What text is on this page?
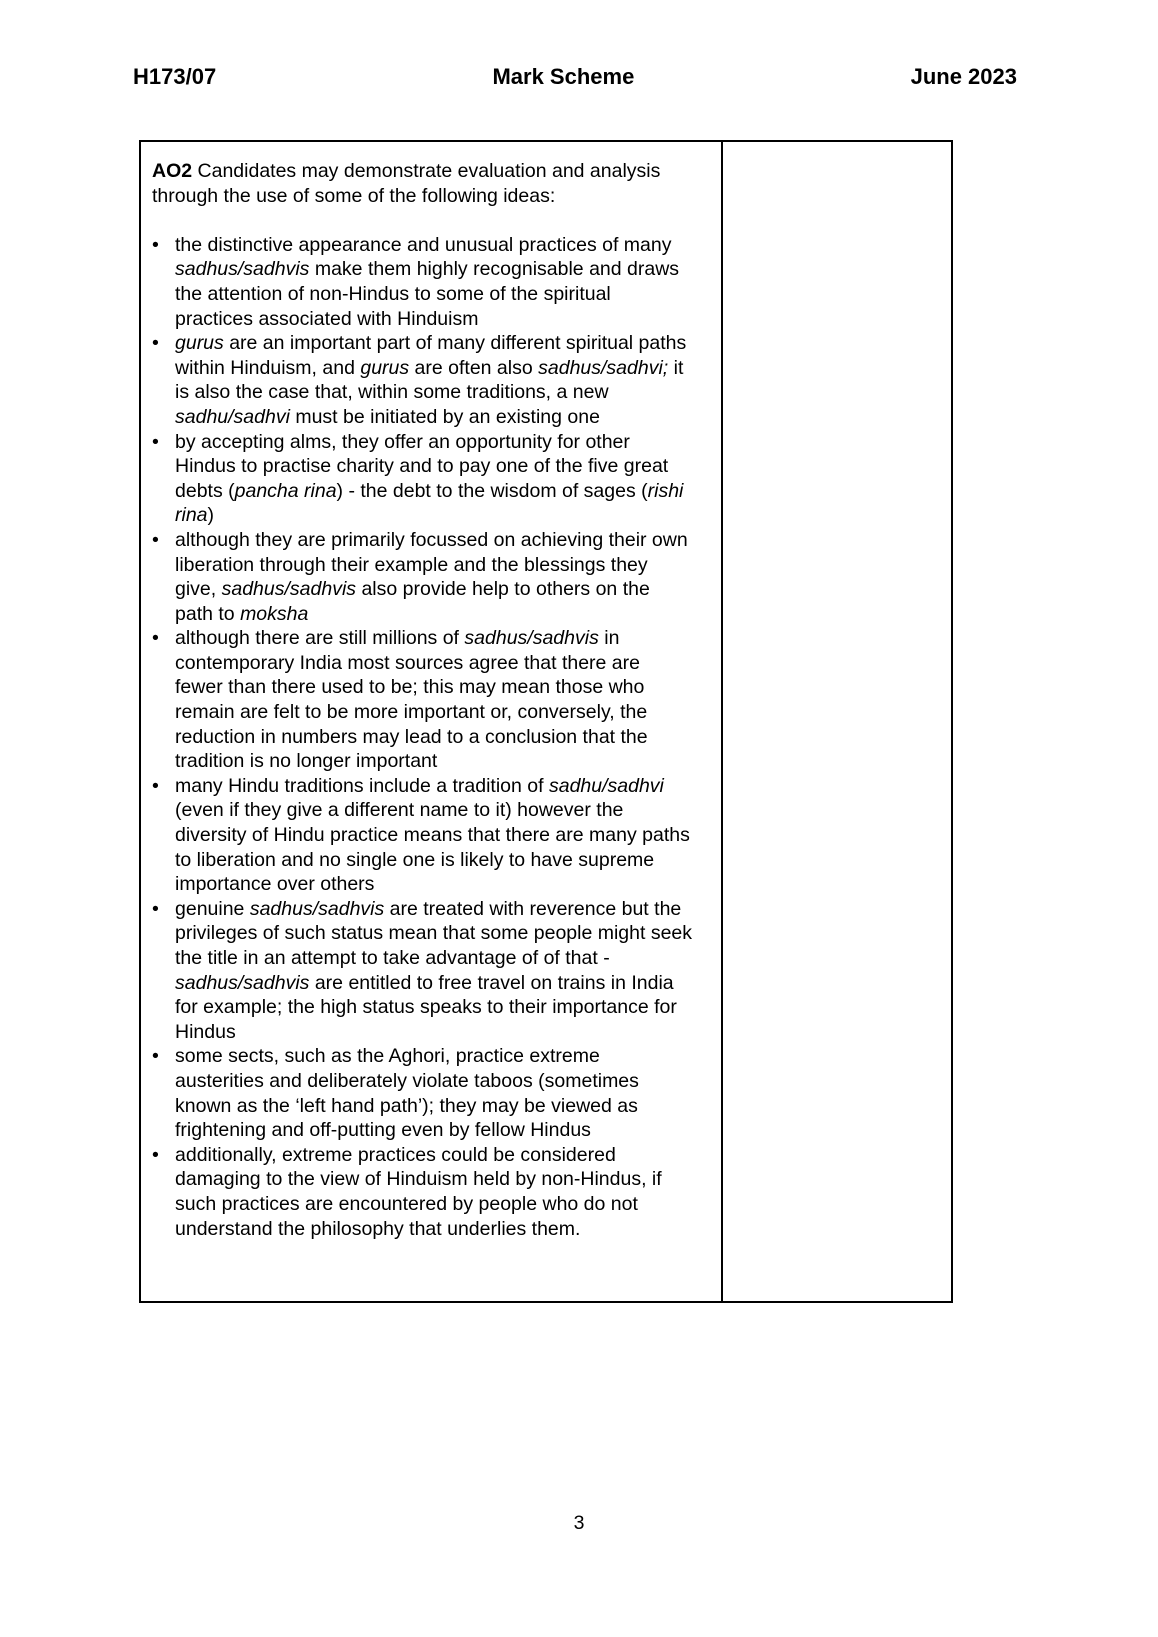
H173/07	Mark Scheme	June 2023

AO2 Candidates may demonstrate evaluation and analysis through the use of some of the following ideas:

• the distinctive appearance and unusual practices of many sadhus/sadhvis make them highly recognisable and draws the attention of non-Hindus to some of the spiritual practices associated with Hinduism
• gurus are an important part of many different spiritual paths within Hinduism, and gurus are often also sadhus/sadhvi; it is also the case that, within some traditions, a new sadhu/sadhvi must be initiated by an existing one
• by accepting alms, they offer an opportunity for other Hindus to practise charity and to pay one of the five great debts (pancha rina) - the debt to the wisdom of sages (rishi rina)
• although they are primarily focussed on achieving their own liberation through their example and the blessings they give, sadhus/sadhvis also provide help to others on the path to moksha
• although there are still millions of sadhus/sadhvis in contemporary India most sources agree that there are fewer than there used to be; this may mean those who remain are felt to be more important or, conversely, the reduction in numbers may lead to a conclusion that the tradition is no longer important
• many Hindu traditions include a tradition of sadhu/sadhvi (even if they give a different name to it) however the diversity of Hindu practice means that there are many paths to liberation and no single one is likely to have supreme importance over others
• genuine sadhus/sadhvis are treated with reverence but the privileges of such status mean that some people might seek the title in an attempt to take advantage of of that - sadhus/sadhvis are entitled to free travel on trains in India for example; the high status speaks to their importance for Hindus
• some sects, such as the Aghori, practice extreme austerities and deliberately violate taboos (sometimes known as the ‘left hand path’); they may be viewed as frightening and off-putting even by fellow Hindus
• additionally, extreme practices could be considered damaging to the view of Hinduism held by non-Hindus, if such practices are encountered by people who do not understand the philosophy that underlies them.
3
